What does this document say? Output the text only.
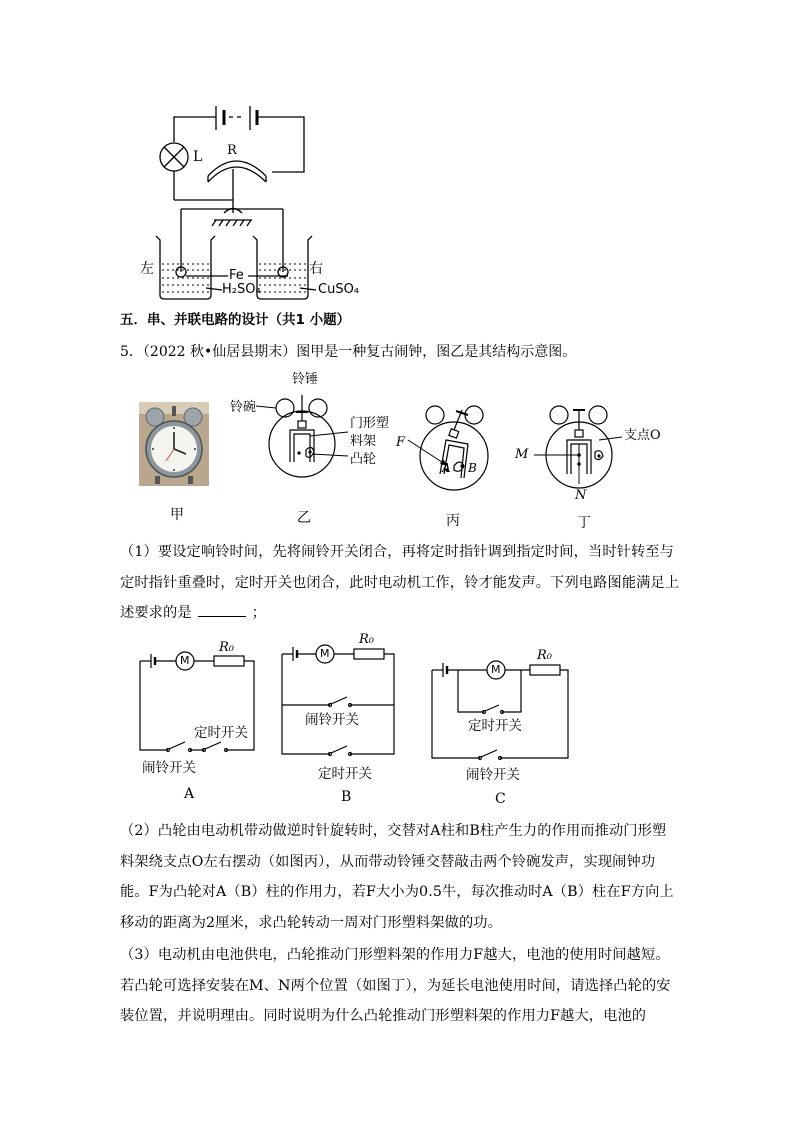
L R
左	右
Fe
H₂SO₄	CuSO₄
五．串、并联电路的设计（共1 小题）
5．（2022 秋•仙居县期末）图甲是一种复古闹钟，图乙是其结构示意图。
铃锤
铃碗
门形塑
料架
凸轮
F
A B
M
N
支点O
甲	乙	丙	丁

（1）要设定响铃时间，先将闹铃开关闭合，再将定时指针调到指定时间，当时针转至与定时指针重叠时，定时开关也闭合，此时电动机工作，铃才能发声。下列电路图能满足上述要求的是	；

M
R₀	M
R₀
M
R₀
定时开关
闹铃开关
闹铃开关
定时开关
定时开关
闹铃开关
A	B	C
（2）凸轮由电动机带动做逆时针旋转时，交替对A柱和B柱产生力的作用而推动门形塑料架绕支点O左右摆动（如图丙），从而带动铃锤交替敲击两个铃碗发声，实现闹钟功能。F为凸轮对A（B）柱的作用力，若F大小为0.5牛，每次推动时A（B）柱在F方向上移动的距离为2厘米，求凸轮转动一周对门形塑料架做的功。
（3）电动机由电池供电，凸轮推动门形塑料架的作用力F越大，电池的使用时间越短。若凸轮可选择安装在M、N两个位置（如图丁），为延长电池使用时间，请选择凸轮的安装位置，并说明理由。同时说明为什么凸轮推动门形塑料架的作用力F越大，电池的
